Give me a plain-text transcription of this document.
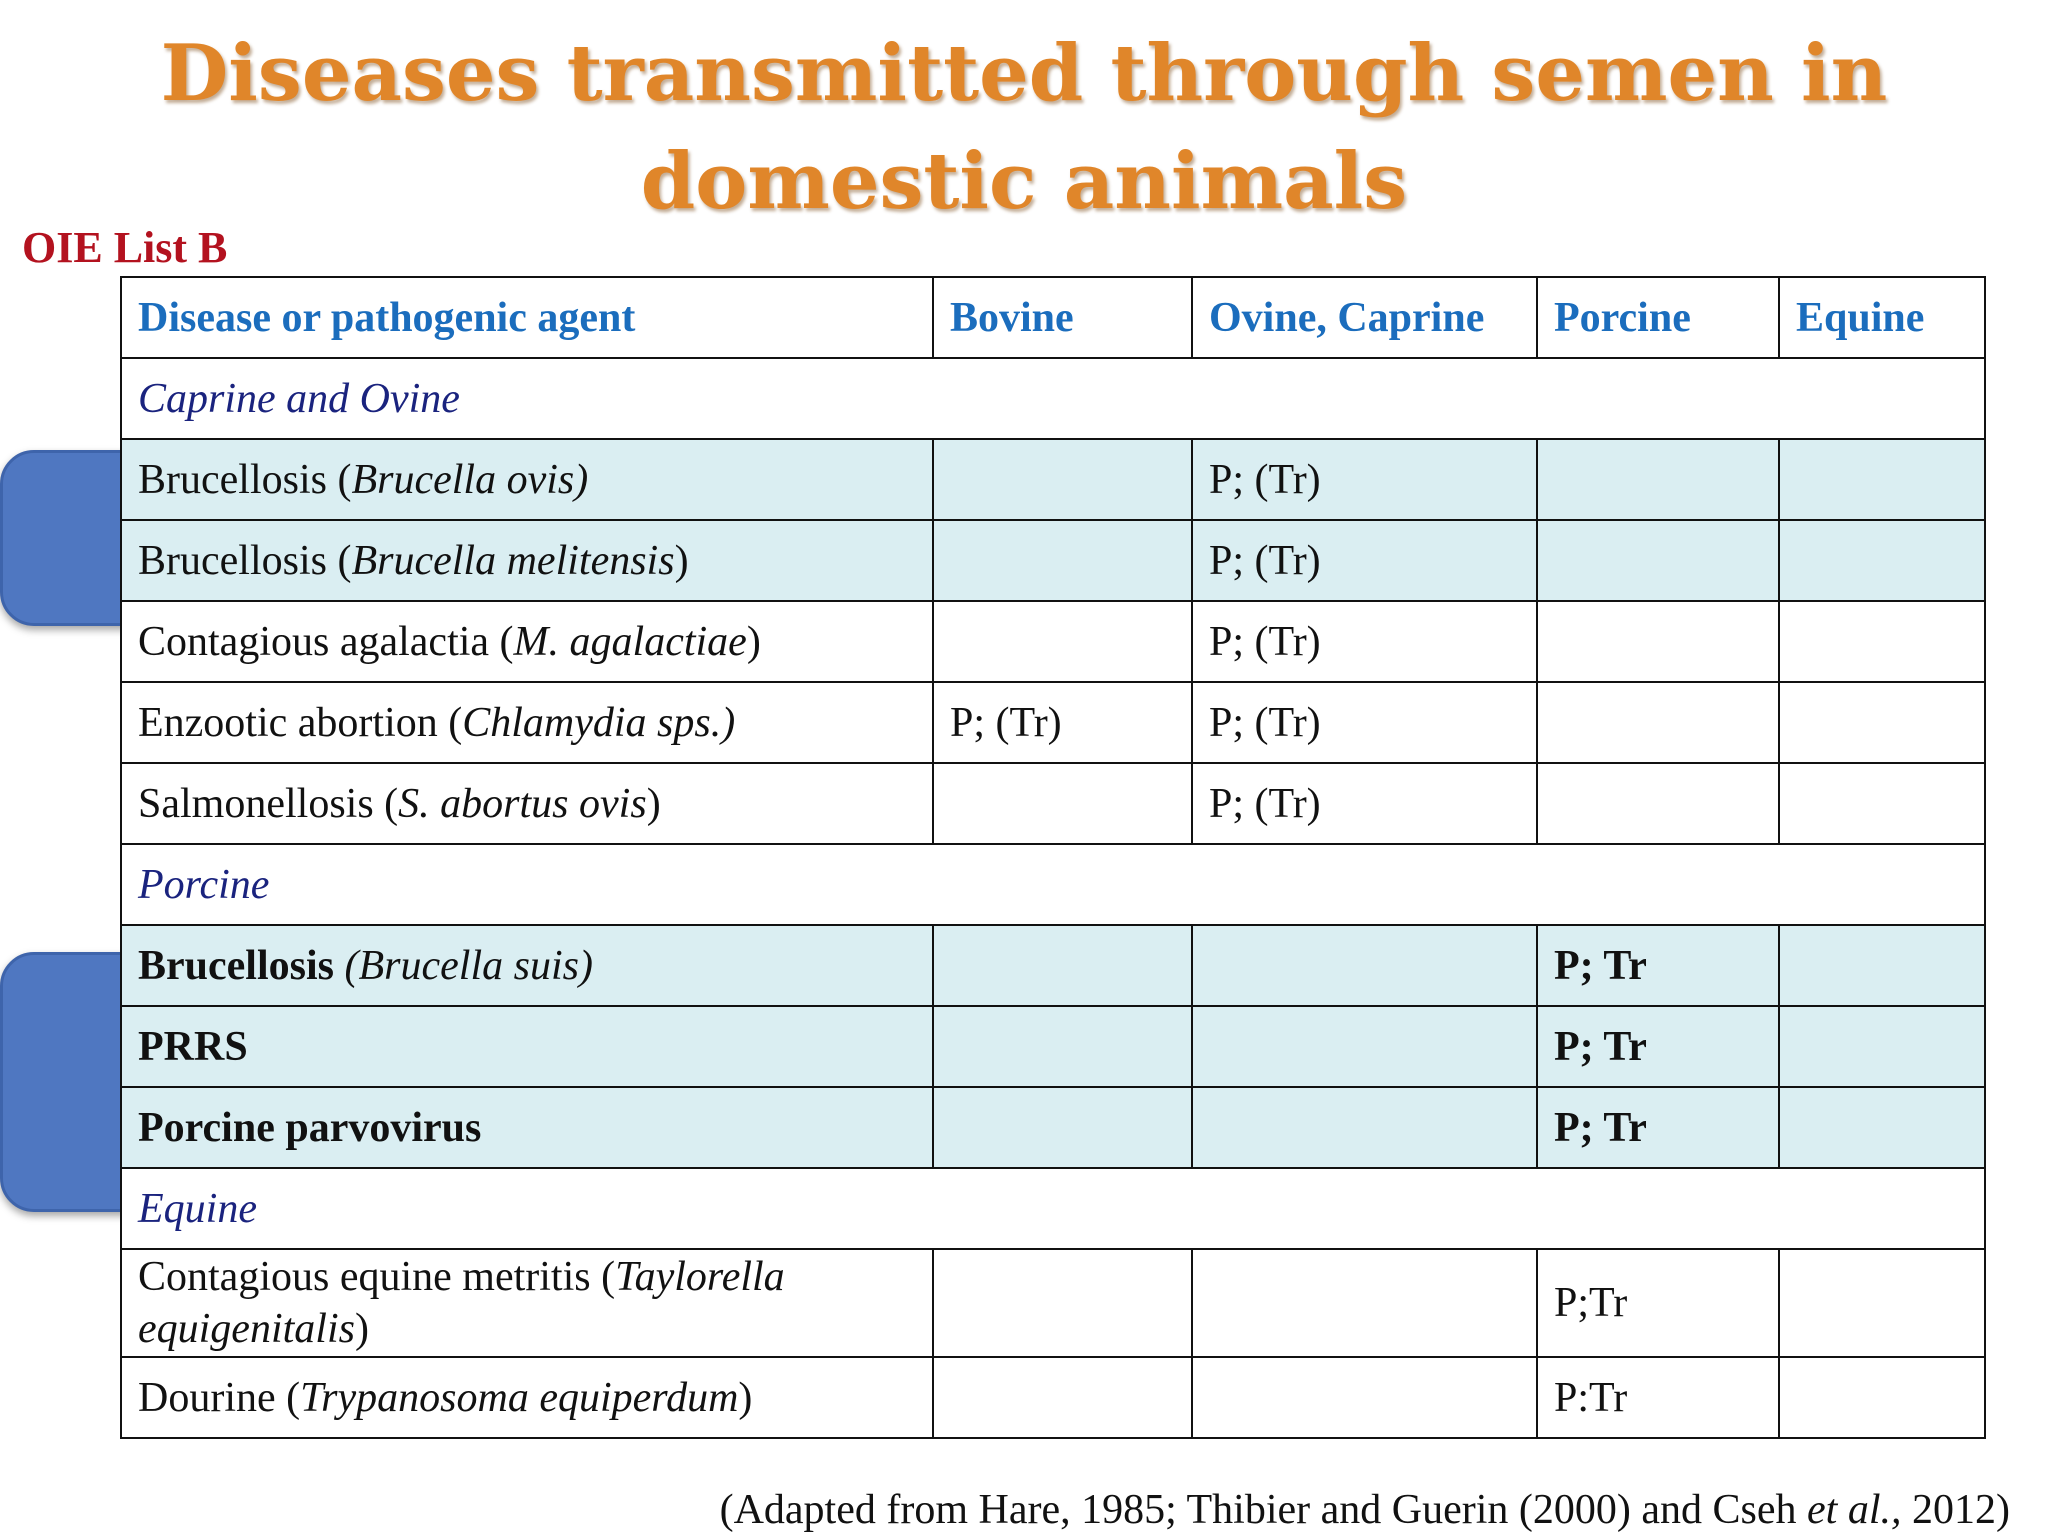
Diseases transmitted through semen in domestic animals
OIE List B
Disease or pathogenic agent	Bovine	Ovine, Caprine	Porcine	Equine
Caprine and Ovine				
Brucellosis (Brucella ovis)		P; (Tr)		
Brucellosis (Brucella melitensis)		P; (Tr)		
Contagious agalactia (M. agalactiae)		P; (Tr)		
Enzootic abortion (Chlamydia sps.)	P; (Tr)	P; (Tr)		
Salmonellosis (S. abortus ovis)		P; (Tr)		
Porcine				
Brucellosis (Brucella suis)			P; Tr	
PRRS			P; Tr	
Porcine parvovirus			P; Tr	
Equine				
Contagious equine metritis (Taylorella equigenitalis)			P;Tr	
Dourine (Trypanosoma equiperdum)			P:Tr	
(Adapted from Hare, 1985; Thibier and Guerin (2000) and Cseh et al., 2012)
